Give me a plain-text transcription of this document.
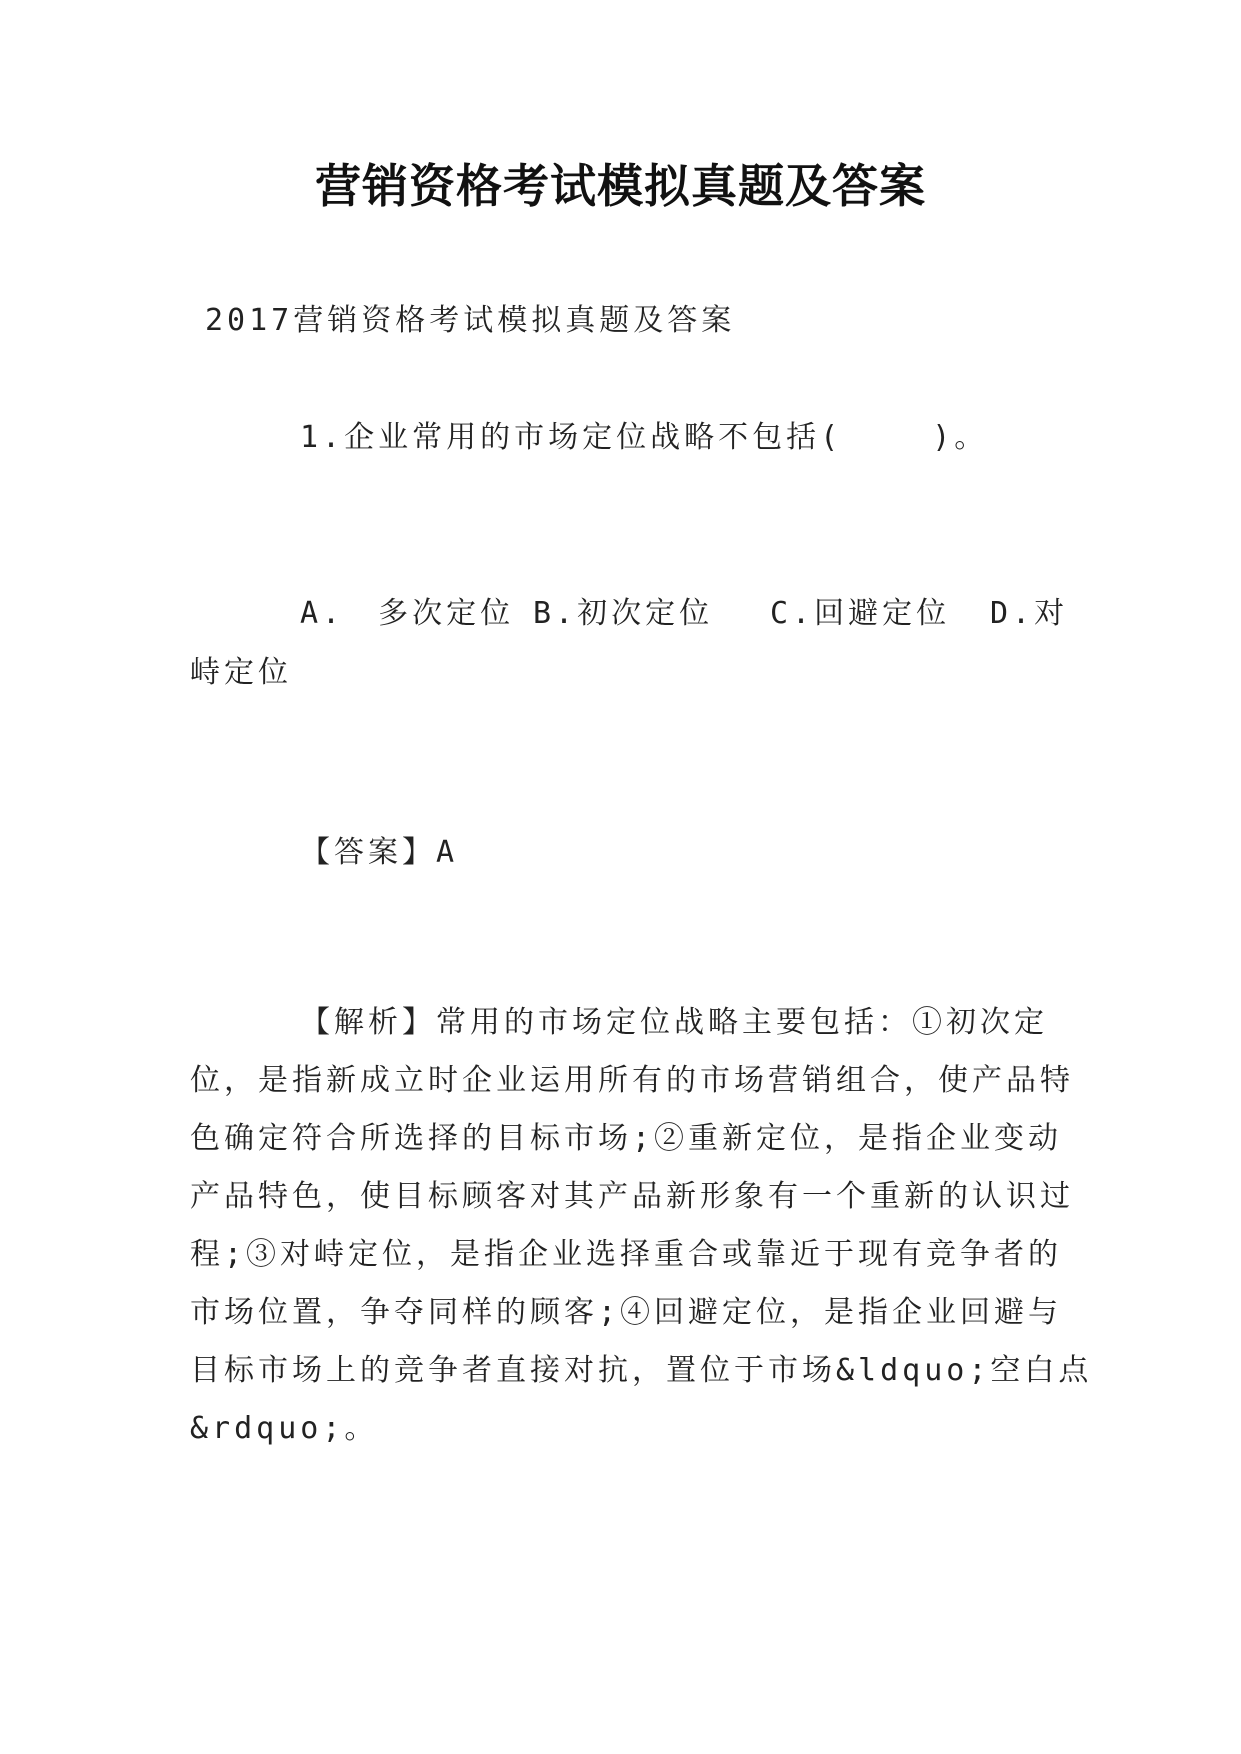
营销资格考试模拟真题及答案
2017营销资格考试模拟真题及答案
1.企业常用的市场定位战略不包括(　　 )。
A.　多次定位 B.初次定位 C.回避定位 D.对
峙定位
【答案】A
【解析】常用的市场定位战略主要包括：①初次定
位，是指新成立时企业运用所有的市场营销组合，使产品特
色确定符合所选择的目标市场;②重新定位，是指企业变动
产品特色，使目标顾客对其产品新形象有一个重新的认识过
程;③对峙定位，是指企业选择重合或靠近于现有竞争者的
市场位置，争夺同样的顾客;④回避定位，是指企业回避与
目标市场上的竞争者直接对抗，置位于市场&ldquo;空白点
&rdquo;。
